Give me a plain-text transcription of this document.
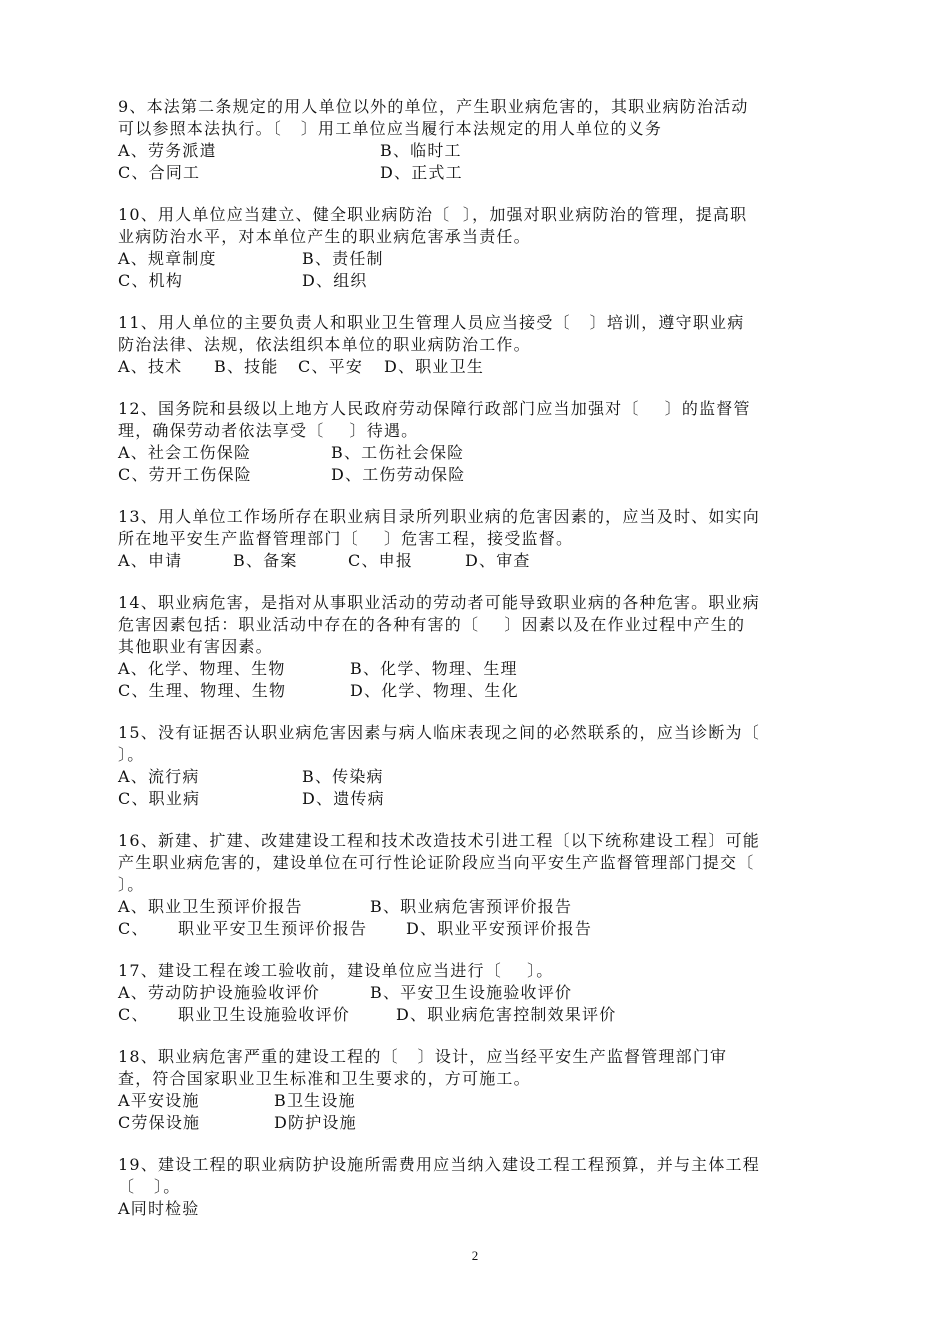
9、本法第二条规定的用人单位以外的单位，产生职业病危害的，其职业病防治活动
可以参照本法执行。〔   〕用工单位应当履行本法规定的用人单位的义务
A、劳务派遣	B、临时工
C、合同工	D、正式工
10、用人单位应当建立、健全职业病防治〔  〕，加强对职业病防治的管理，提高职
业病防治水平，对本单位产生的职业病危害承当责任。
A、规章制度	B、责任制
C、机构	D、组织
11、用人单位的主要负责人和职业卫生管理人员应当接受〔   〕培训，遵守职业病
防治法律、法规，依法组织本单位的职业病防治工作。
A、技术	B、技能	C、平安	D、职业卫生
12、国务院和县级以上地方人民政府劳动保障行政部门应当加强对〔    〕的监督管
理，确保劳动者依法享受〔    〕待遇。
A、社会工伤保险	B、工伤社会保险
C、劳开工伤保险	D、工伤劳动保险
13、用人单位工作场所存在职业病目录所列职业病的危害因素的，应当及时、如实向
所在地平安生产监督管理部门〔    〕危害工程，接受监督。
A、申请	B、备案	C、申报	D、审查
14、职业病危害，是指对从事职业活动的劳动者可能导致职业病的各种危害。职业病
危害因素包括：职业活动中存在的各种有害的〔    〕因素以及在作业过程中产生的
其他职业有害因素。
A、化学、物理、生物	B、化学、物理、生理
C、生理、物理、生物	D、化学、物理、生化
15、没有证据否认职业病危害因素与病人临床表现之间的必然联系的，应当诊断为〔
〕。
A、流行病	B、传染病
C、职业病	D、遗传病
16、新建、扩建、改建建设工程和技术改造技术引进工程〔以下统称建设工程〕可能
产生职业病危害的，建设单位在可行性论证阶段应当向平安生产监督管理部门提交〔
〕。
A、职业卫生预评价报告	B、职业病危害预评价报告
C、	职业平安卫生预评价报告	D、职业平安预评价报告
17、建设工程在竣工验收前，建设单位应当进行〔    〕。
A、劳动防护设施验收评价	B、平安卫生设施验收评价
C、	职业卫生设施验收评价	D、职业病危害控制效果评价
18、职业病危害严重的建设工程的〔   〕设计，应当经平安生产监督管理部门审
查，符合国家职业卫生标准和卫生要求的，方可施工。
A平安设施	B卫生设施
C劳保设施	D防护设施
19、建设工程的职业病防护设施所需费用应当纳入建设工程工程预算，并与主体工程
〔   〕。
A同时检验
2
